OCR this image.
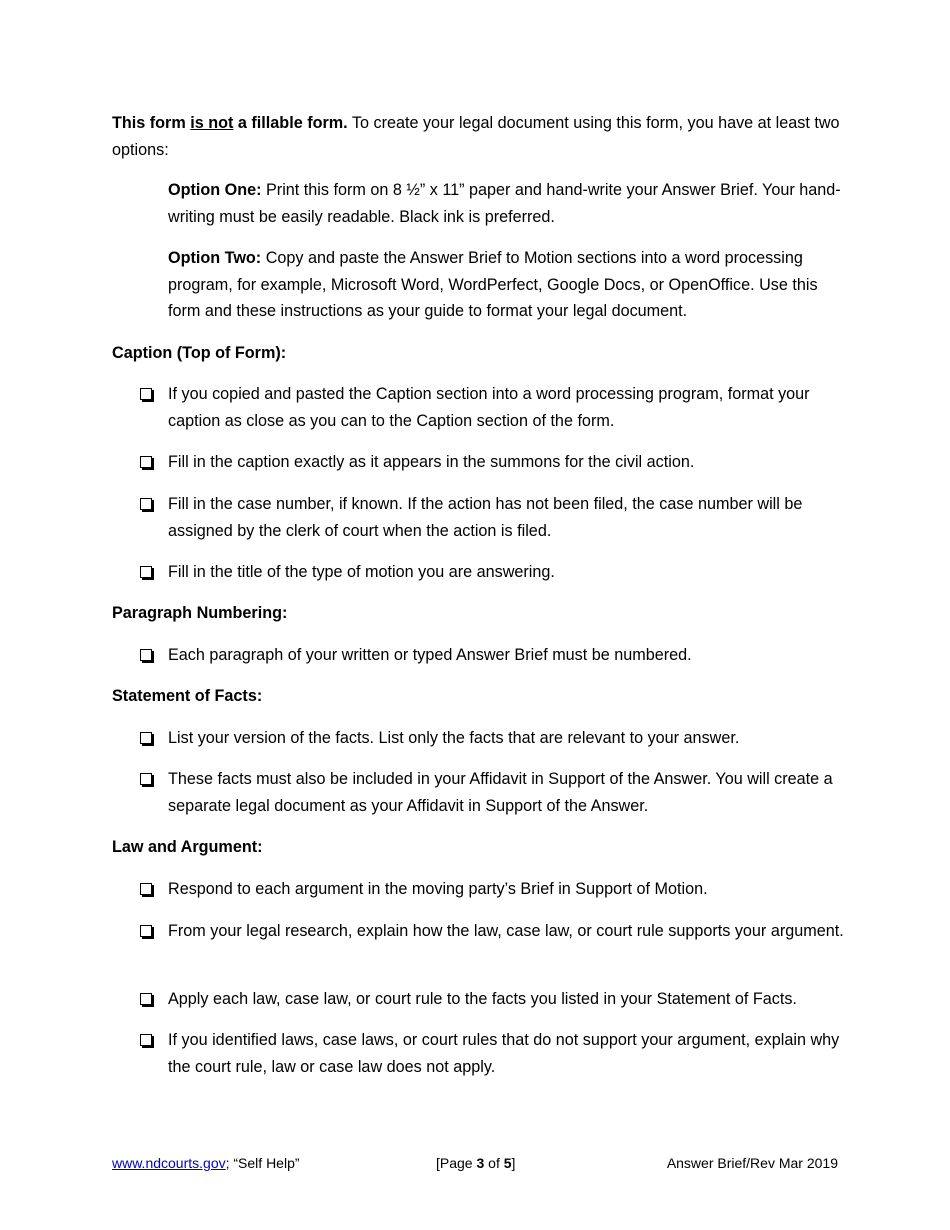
This form is not a fillable form. To create your legal document using this form, you have at least two options:

Option One: Print this form on 8 ½” x 11” paper and hand-write your Answer Brief. Your hand-writing must be easily readable. Black ink is preferred.

Option Two: Copy and paste the Answer Brief to Motion sections into a word processing program, for example, Microsoft Word, WordPerfect, Google Docs, or OpenOffice. Use this form and these instructions as your guide to format your legal document.

Caption (Top of Form):

If you copied and pasted the Caption section into a word processing program, format your caption as close as you can to the Caption section of the form.
Fill in the caption exactly as it appears in the summons for the civil action.
Fill in the case number, if known. If the action has not been filed, the case number will be assigned by the clerk of court when the action is filed.
Fill in the title of the type of motion you are answering.

Paragraph Numbering:

Each paragraph of your written or typed Answer Brief must be numbered.

Statement of Facts:

List your version of the facts. List only the facts that are relevant to your answer.
These facts must also be included in your Affidavit in Support of the Answer. You will create a separate legal document as your Affidavit in Support of the Answer.

Law and Argument:

Respond to each argument in the moving party’s Brief in Support of Motion.
From your legal research, explain how the law, case law, or court rule supports your argument.
Apply each law, case law, or court rule to the facts you listed in your Statement of Facts.
If you identified laws, case laws, or court rules that do not support your argument, explain why the court rule, law or case law does not apply.
www.ndcourts.gov; “Self Help”	[Page 3 of 5]	Answer Brief/Rev Mar 2019
